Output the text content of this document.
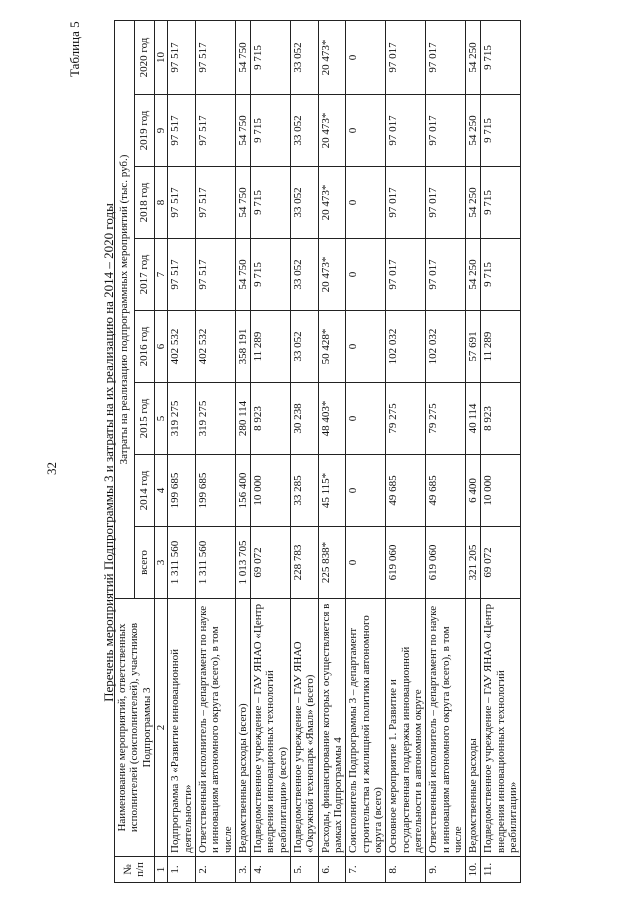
32
Таблица 5
Перечень мероприятий Подпрограммы 3 и затраты на их реализацию на 2014 – 2020 годы
№ п/п	Наименование мероприятий, ответственных исполнителей (соисполнителей), участников Подпрограммы 3	Затраты на реализацию подпрограммных мероприятий (тыс. руб.)							
		всего	2014 год	2015 год	2016 год	2017 год	2018 год	2019 год	2020 год
1	2	3	4	5	6	7	8	9	10
1.	Подпрограмма 3 «Развитие инновационной деятельности»	1 311 560	199 685	319 275	402 532	97 517	97 517	97 517	97 517
2.	Ответственный исполнитель – департамент по науке и инновациям автономного округа (всего), в том числе	1 311 560	199 685	319 275	402 532	97 517	97 517	97 517	97 517
3.	Ведомственные расходы (всего)	1 013 705	156 400	280 114	358 191	54 750	54 750	54 750	54 750
4.	Подведомственное учреждение – ГАУ ЯНАО «Центр внедрения инновационных технологий реабилитации» (всего)	69 072	10 000	8 923	11 289	9 715	9 715	9 715	9 715
5.	Подведомственное учреждение – ГАУ ЯНАО «Окружной технопарк «Ямал» (всего)	228 783	33 285	30 238	33 052	33 052	33 052	33 052	33 052
6.	Расходы, финансирование которых осуществляется в рамках Подпрограммы 4	225 838*	45 115*	48 403*	50 428*	20 473*	20 473*	20 473*	20 473*
7.	Соисполнитель Подпрограммы 3 – департамент строительства и жилищной политики автономного округа (всего)	0	0	0	0	0	0	0	0
8.	Основное мероприятие 1. Развитие и государственная поддержка инновационной деятельности в автономном округе	619 060	49 685	79 275	102 032	97 017	97 017	97 017	97 017
9.	Ответственный исполнитель – департамент по науке и инновациям автономного округа (всего), в том числе	619 060	49 685	79 275	102 032	97 017	97 017	97 017	97 017
10.	Ведомственные расходы	321 205	6 400	40 114	57 691	54 250	54 250	54 250	54 250
11.	Подведомственное учреждение – ГАУ ЯНАО «Центр внедрения инновационных технологий реабилитации»	69 072	10 000	8 923	11 289	9 715	9 715	9 715	9 715
